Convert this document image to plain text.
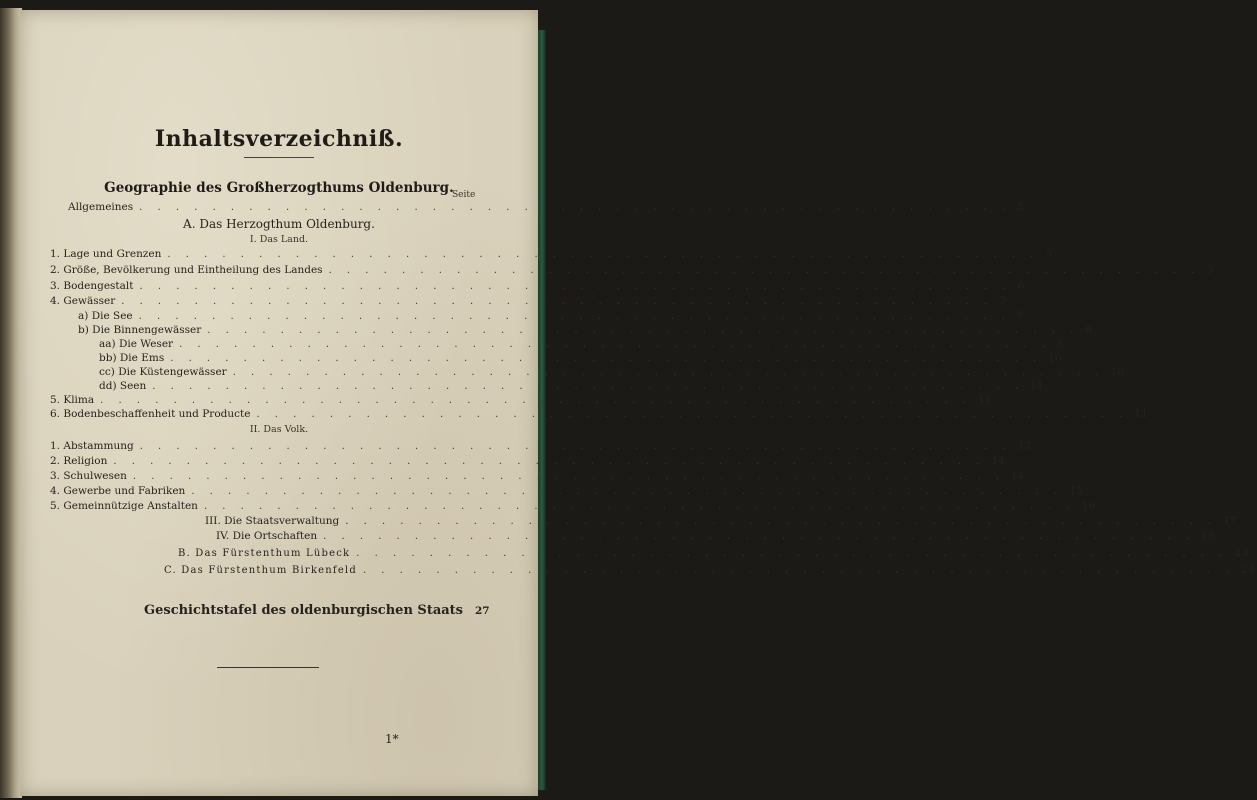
Inhaltsverzeichniß.
Geographie des Großherzogthums Oldenburg.
Seite
Allgemeines . . . . . . . . . . . . . . . . . . . . . . . . . . . . . . . . . . . . . . . . . . . . . . . . 5
A. Das Herzogthum Oldenburg.
I. Das Land.
1. Lage und Grenzen . . . . . . . . . . . . . . . . . . . . . . . . . . . . . . . . . . . . . . . . . . . . . . . . 5
2. Größe, Bevölkerung und Eintheilung des Landes . . . . . . . . . . . . . . . . . . . . . . . . . . . . . . . . . . . . . . . . . . . . . . . . 5
3. Bodengestalt . . . . . . . . . . . . . . . . . . . . . . . . . . . . . . . . . . . . . . . . . . . . . . . . 6
4. Gewässer . . . . . . . . . . . . . . . . . . . . . . . . . . . . . . . . . . . . . . . . . . . . . . . . 7
a) Die See . . . . . . . . . . . . . . . . . . . . . . . . . . . . . . . . . . . . . . . . . . . . . . . . 7
b) Die Binnengewässer . . . . . . . . . . . . . . . . . . . . . . . . . . . . . . . . . . . . . . . . . . . . . . . . 8
aa) Die Weser . . . . . . . . . . . . . . . . . . . . . . . . . . . . . . . . . . . . . . . . . . . . . . . . 8
bb) Die Ems . . . . . . . . . . . . . . . . . . . . . . . . . . . . . . . . . . . . . . . . . . . . . . . . 10
cc) Die Küstengewässer . . . . . . . . . . . . . . . . . . . . . . . . . . . . . . . . . . . . . . . . . . . . . . . . 10
dd) Seen . . . . . . . . . . . . . . . . . . . . . . . . . . . . . . . . . . . . . . . . . . . . . . . . 11
5. Klima . . . . . . . . . . . . . . . . . . . . . . . . . . . . . . . . . . . . . . . . . . . . . . . . 11
6. Bodenbeschaffenheit und Producte . . . . . . . . . . . . . . . . . . . . . . . . . . . . . . . . . . . . . . . . . . . . . . . . 11
II. Das Volk.
1. Abstammung . . . . . . . . . . . . . . . . . . . . . . . . . . . . . . . . . . . . . . . . . . . . . . . . 13
2. Religion . . . . . . . . . . . . . . . . . . . . . . . . . . . . . . . . . . . . . . . . . . . . . . . . 14
3. Schulwesen . . . . . . . . . . . . . . . . . . . . . . . . . . . . . . . . . . . . . . . . . . . . . . . . 14
4. Gewerbe und Fabriken . . . . . . . . . . . . . . . . . . . . . . . . . . . . . . . . . . . . . . . . . . . . . . . . 15
5. Gemeinnützige Anstalten . . . . . . . . . . . . . . . . . . . . . . . . . . . . . . . . . . . . . . . . . . . . . . . . 16
III. Die Staatsverwaltung . . . . . . . . . . . . . . . . . . . . . . . . . . . . . . . . . . . . . . . . . . . . . . . . 17
IV. Die Ortschaften . . . . . . . . . . . . . . . . . . . . . . . . . . . . . . . . . . . . . . . . . . . . . . . . 19
B. Das Fürstenthum Lübeck . . . . . . . . . . . . . . . . . . . . . . . . . . . . . . . . . . . . . . . . . . . . . . . . 23
C. Das Fürstenthum Birkenfeld . . . . . . . . . . . . . . . . . . . . . . . . . . . . . . . . . . . . . . . . . . . . . . . . 25
Geschichtstafel des oldenburgischen Staats 27
1*
